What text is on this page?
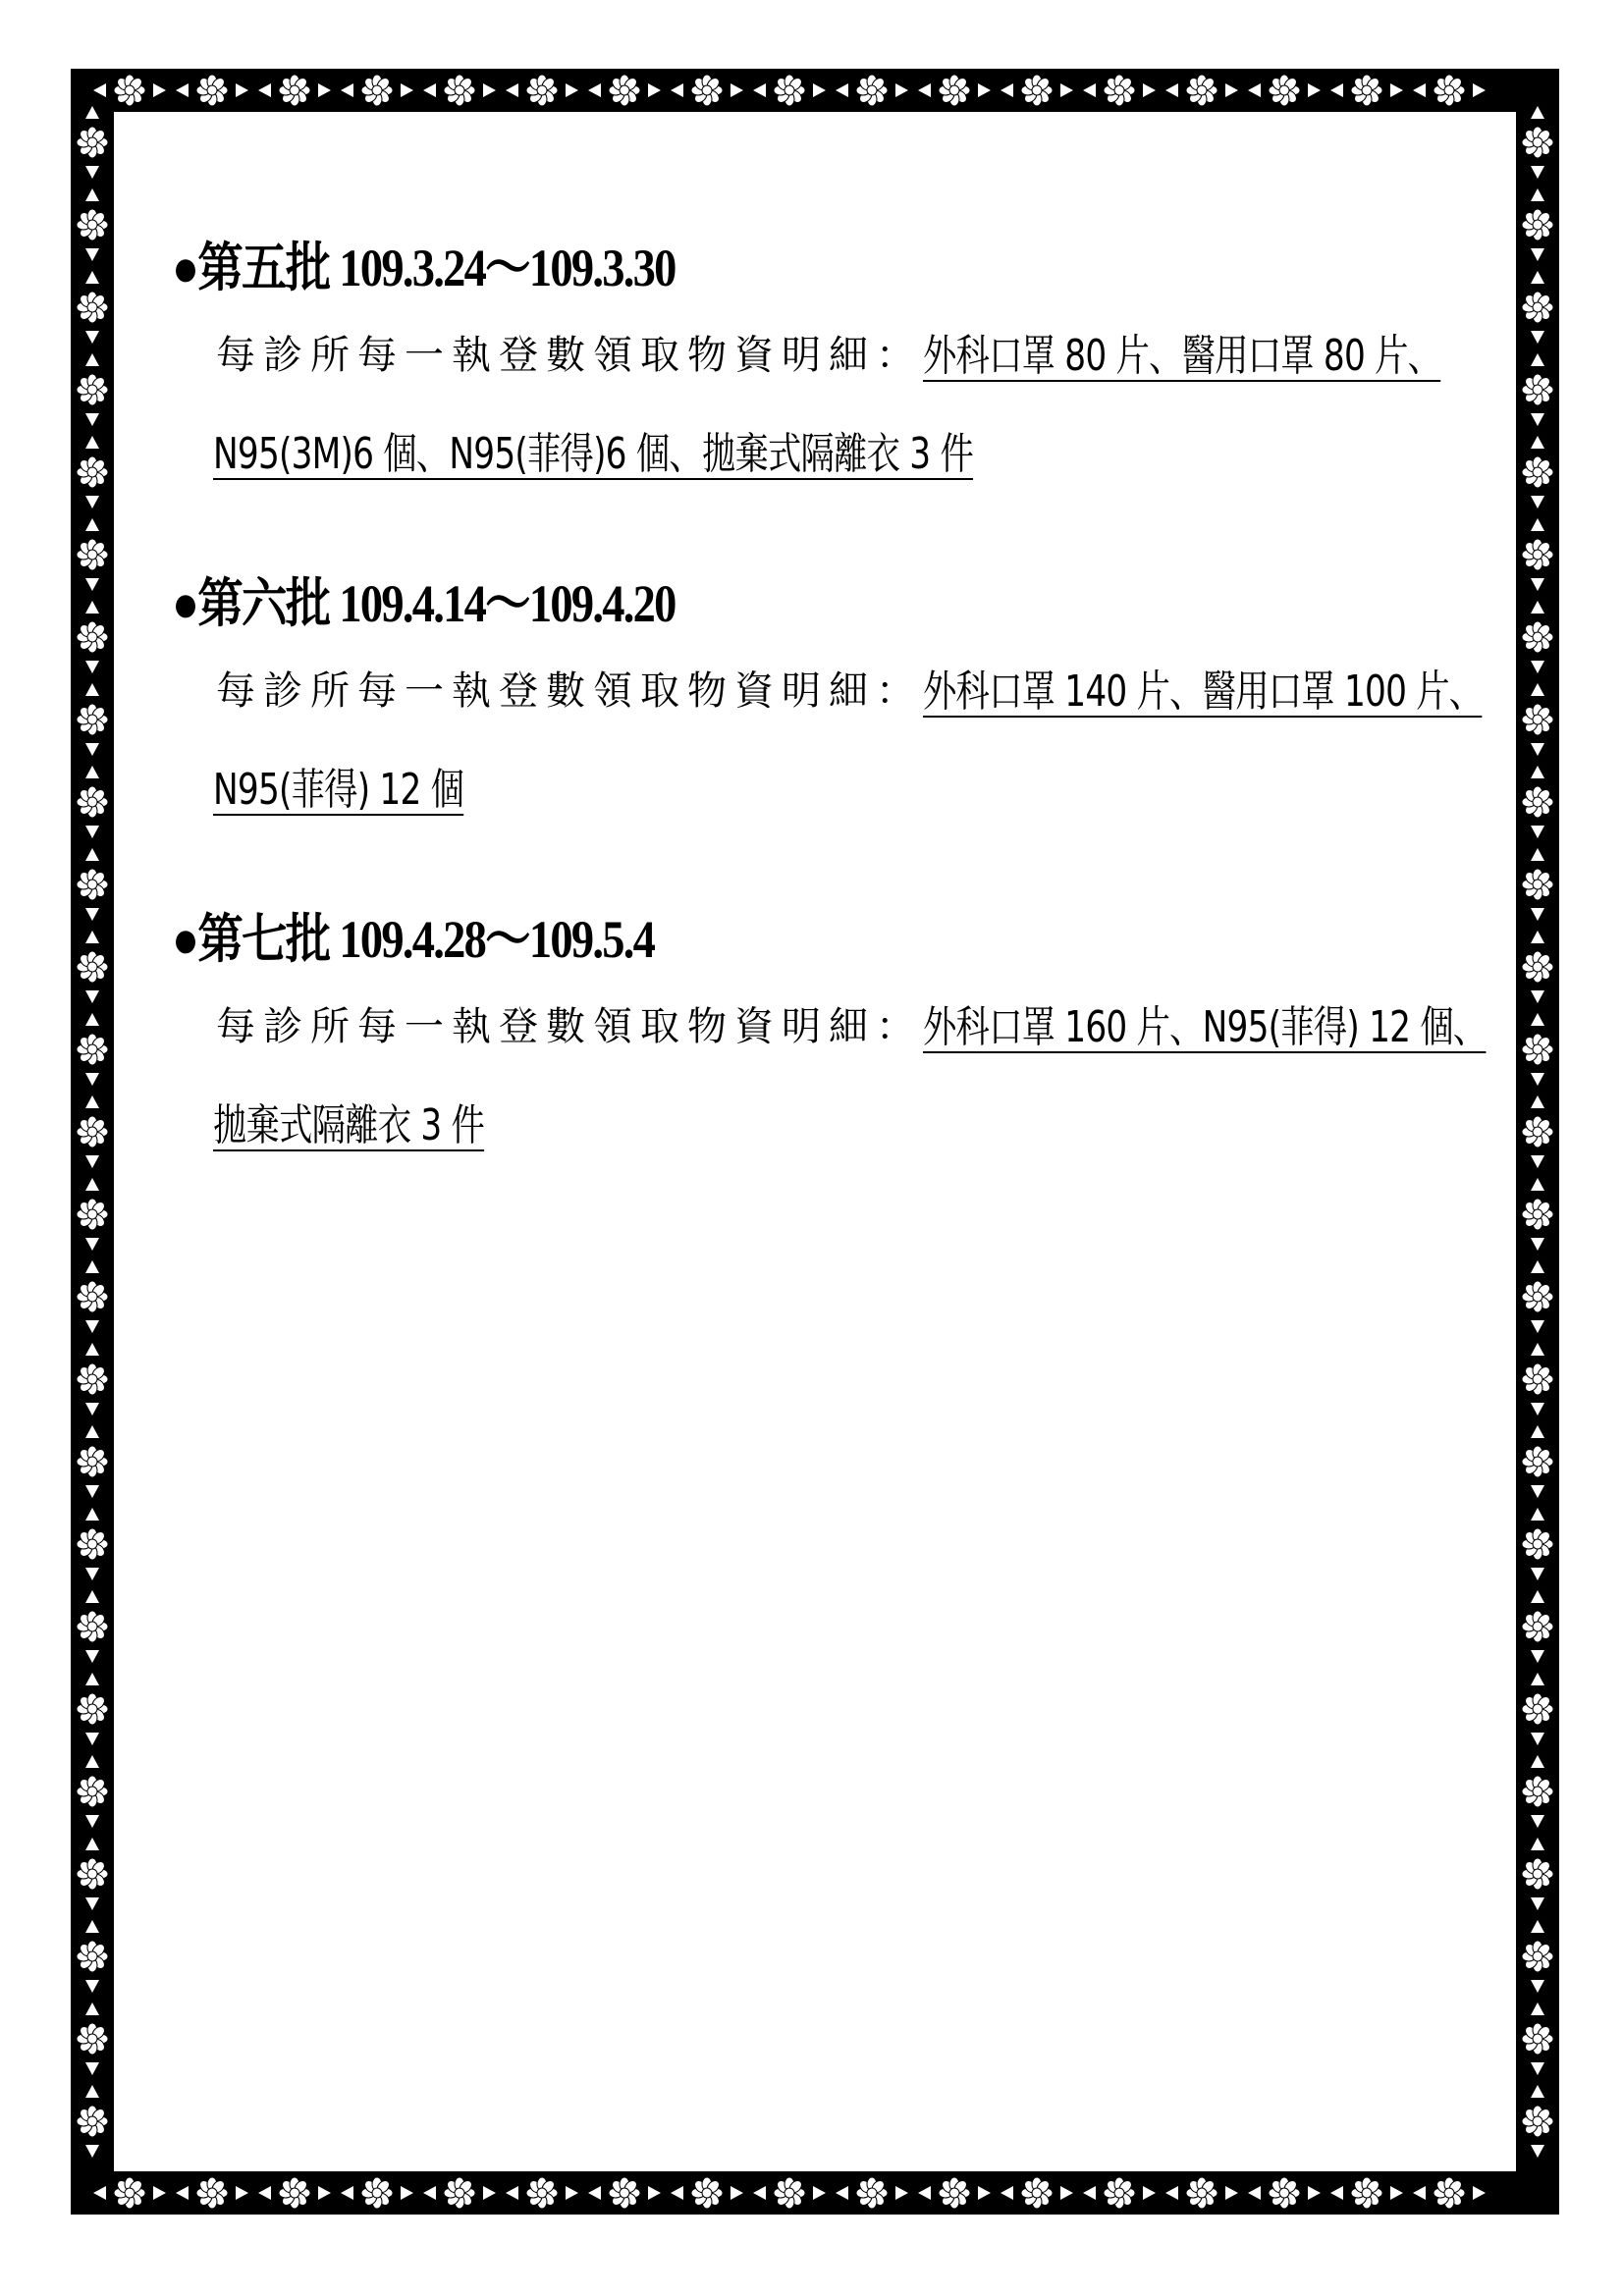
●第五批 109.3.24～109.3.30
每診所每一執登數領取物資明細： 外科口罩 80 片、醫用口罩 80 片、
N95(3M)6 個、N95(菲得)6 個、拋棄式隔離衣 3 件
●第六批 109.4.14～109.4.20
每診所每一執登數領取物資明細： 外科口罩 140 片、醫用口罩 100 片、
N95(菲得) 12 個
●第七批 109.4.28～109.5.4
每診所每一執登數領取物資明細： 外科口罩 160 片、N95(菲得) 12 個、
拋棄式隔離衣 3 件
